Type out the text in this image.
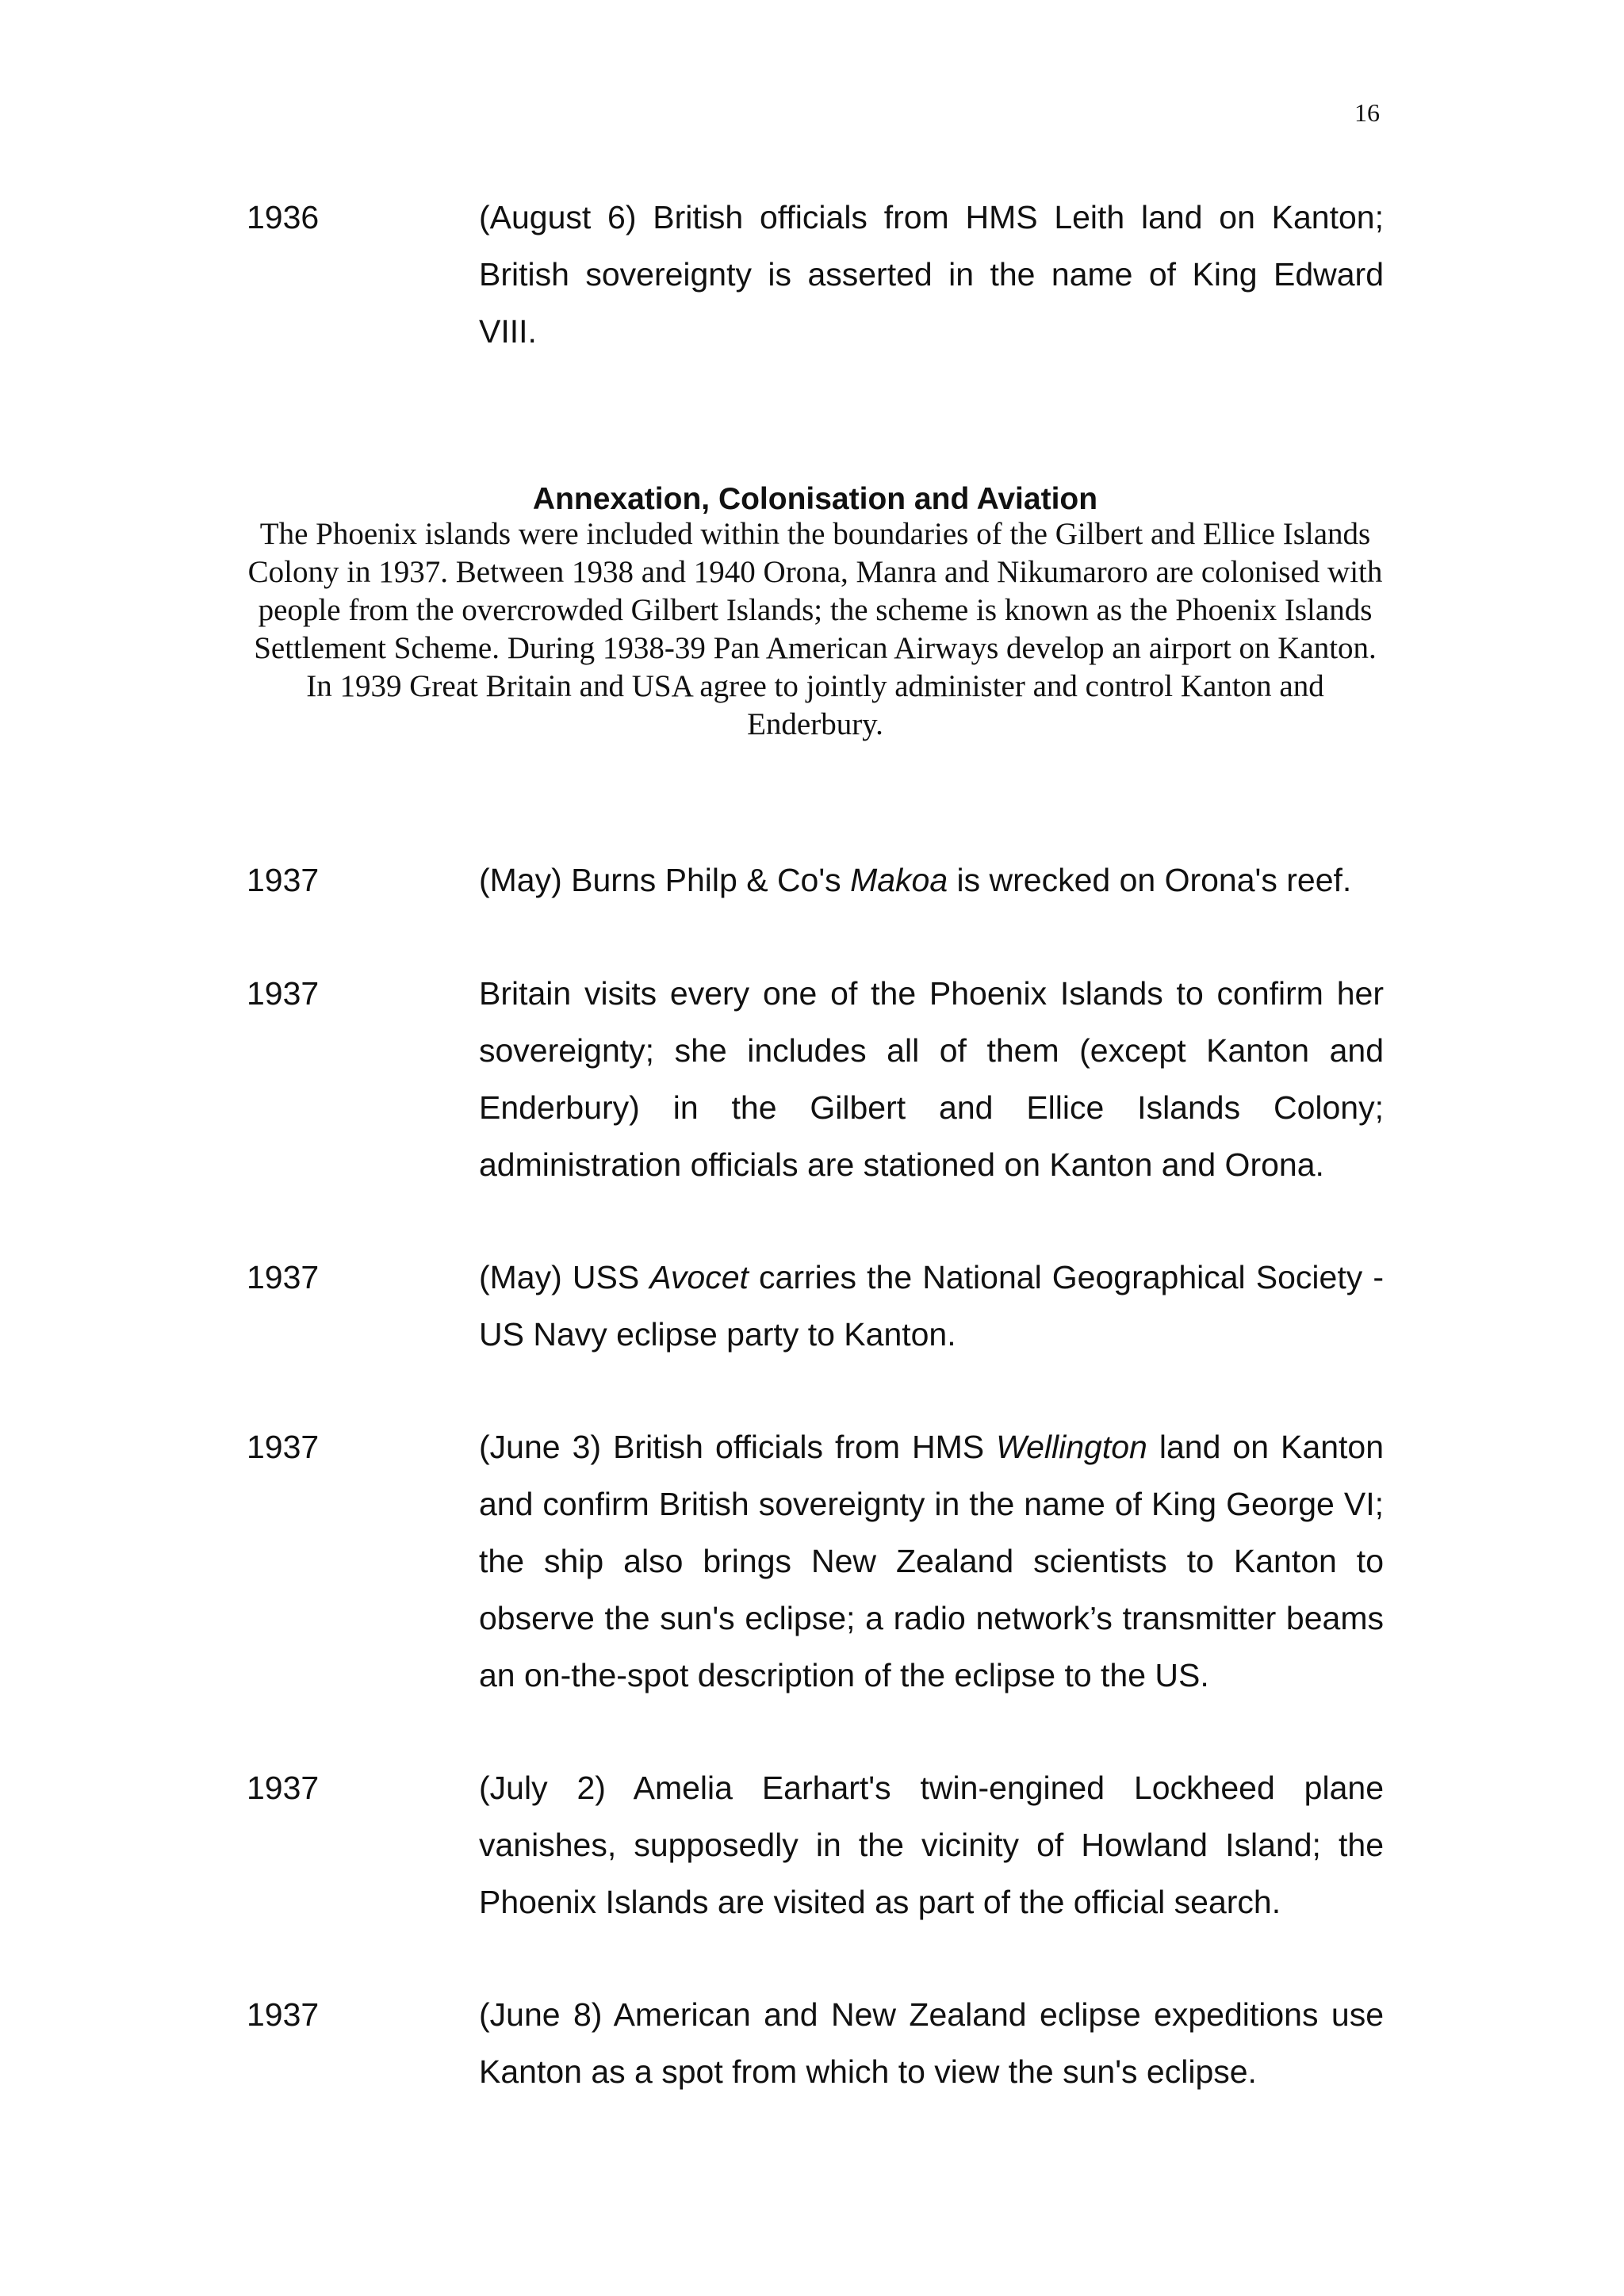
16
1936	(August 6) British officials from HMS Leith land on Kanton; British sovereignty is asserted in the name of King Edward VIII.

Annexation, Colonisation and Aviation
The Phoenix islands were included within the boundaries of the Gilbert and Ellice Islands Colony in 1937. Between 1938 and 1940 Orona, Manra and Nikumaroro are colonised with people from the overcrowded Gilbert Islands; the scheme is known as the Phoenix Islands Settlement Scheme. During 1938-39 Pan American Airways develop an airport on Kanton. In 1939 Great Britain and USA agree to jointly administer and control Kanton and Enderbury.
1937	(May) Burns Philp & Co's Makoa is wrecked on Orona's reef.

1937	Britain visits every one of the Phoenix Islands to confirm her sovereignty; she includes all of them (except Kanton and Enderbury) in the Gilbert and Ellice Islands Colony; administration officials are stationed on Kanton and Orona.

1937	(May) USS Avocet carries the National Geographical Society - US Navy eclipse party to Kanton.

1937	(June 3) British officials from HMS Wellington land on Kanton and confirm British sovereignty in the name of King George VI; the ship also brings New Zealand scientists to Kanton to observe the sun's eclipse; a radio network’s transmitter beams an on-the-spot description of the eclipse to the US.

1937	(July 2) Amelia Earhart's twin-engined Lockheed plane vanishes, supposedly in the vicinity of Howland Island; the Phoenix Islands are visited as part of the official search.

1937	(June 8) American and New Zealand eclipse expeditions use Kanton as a spot from which to view the sun's eclipse.
